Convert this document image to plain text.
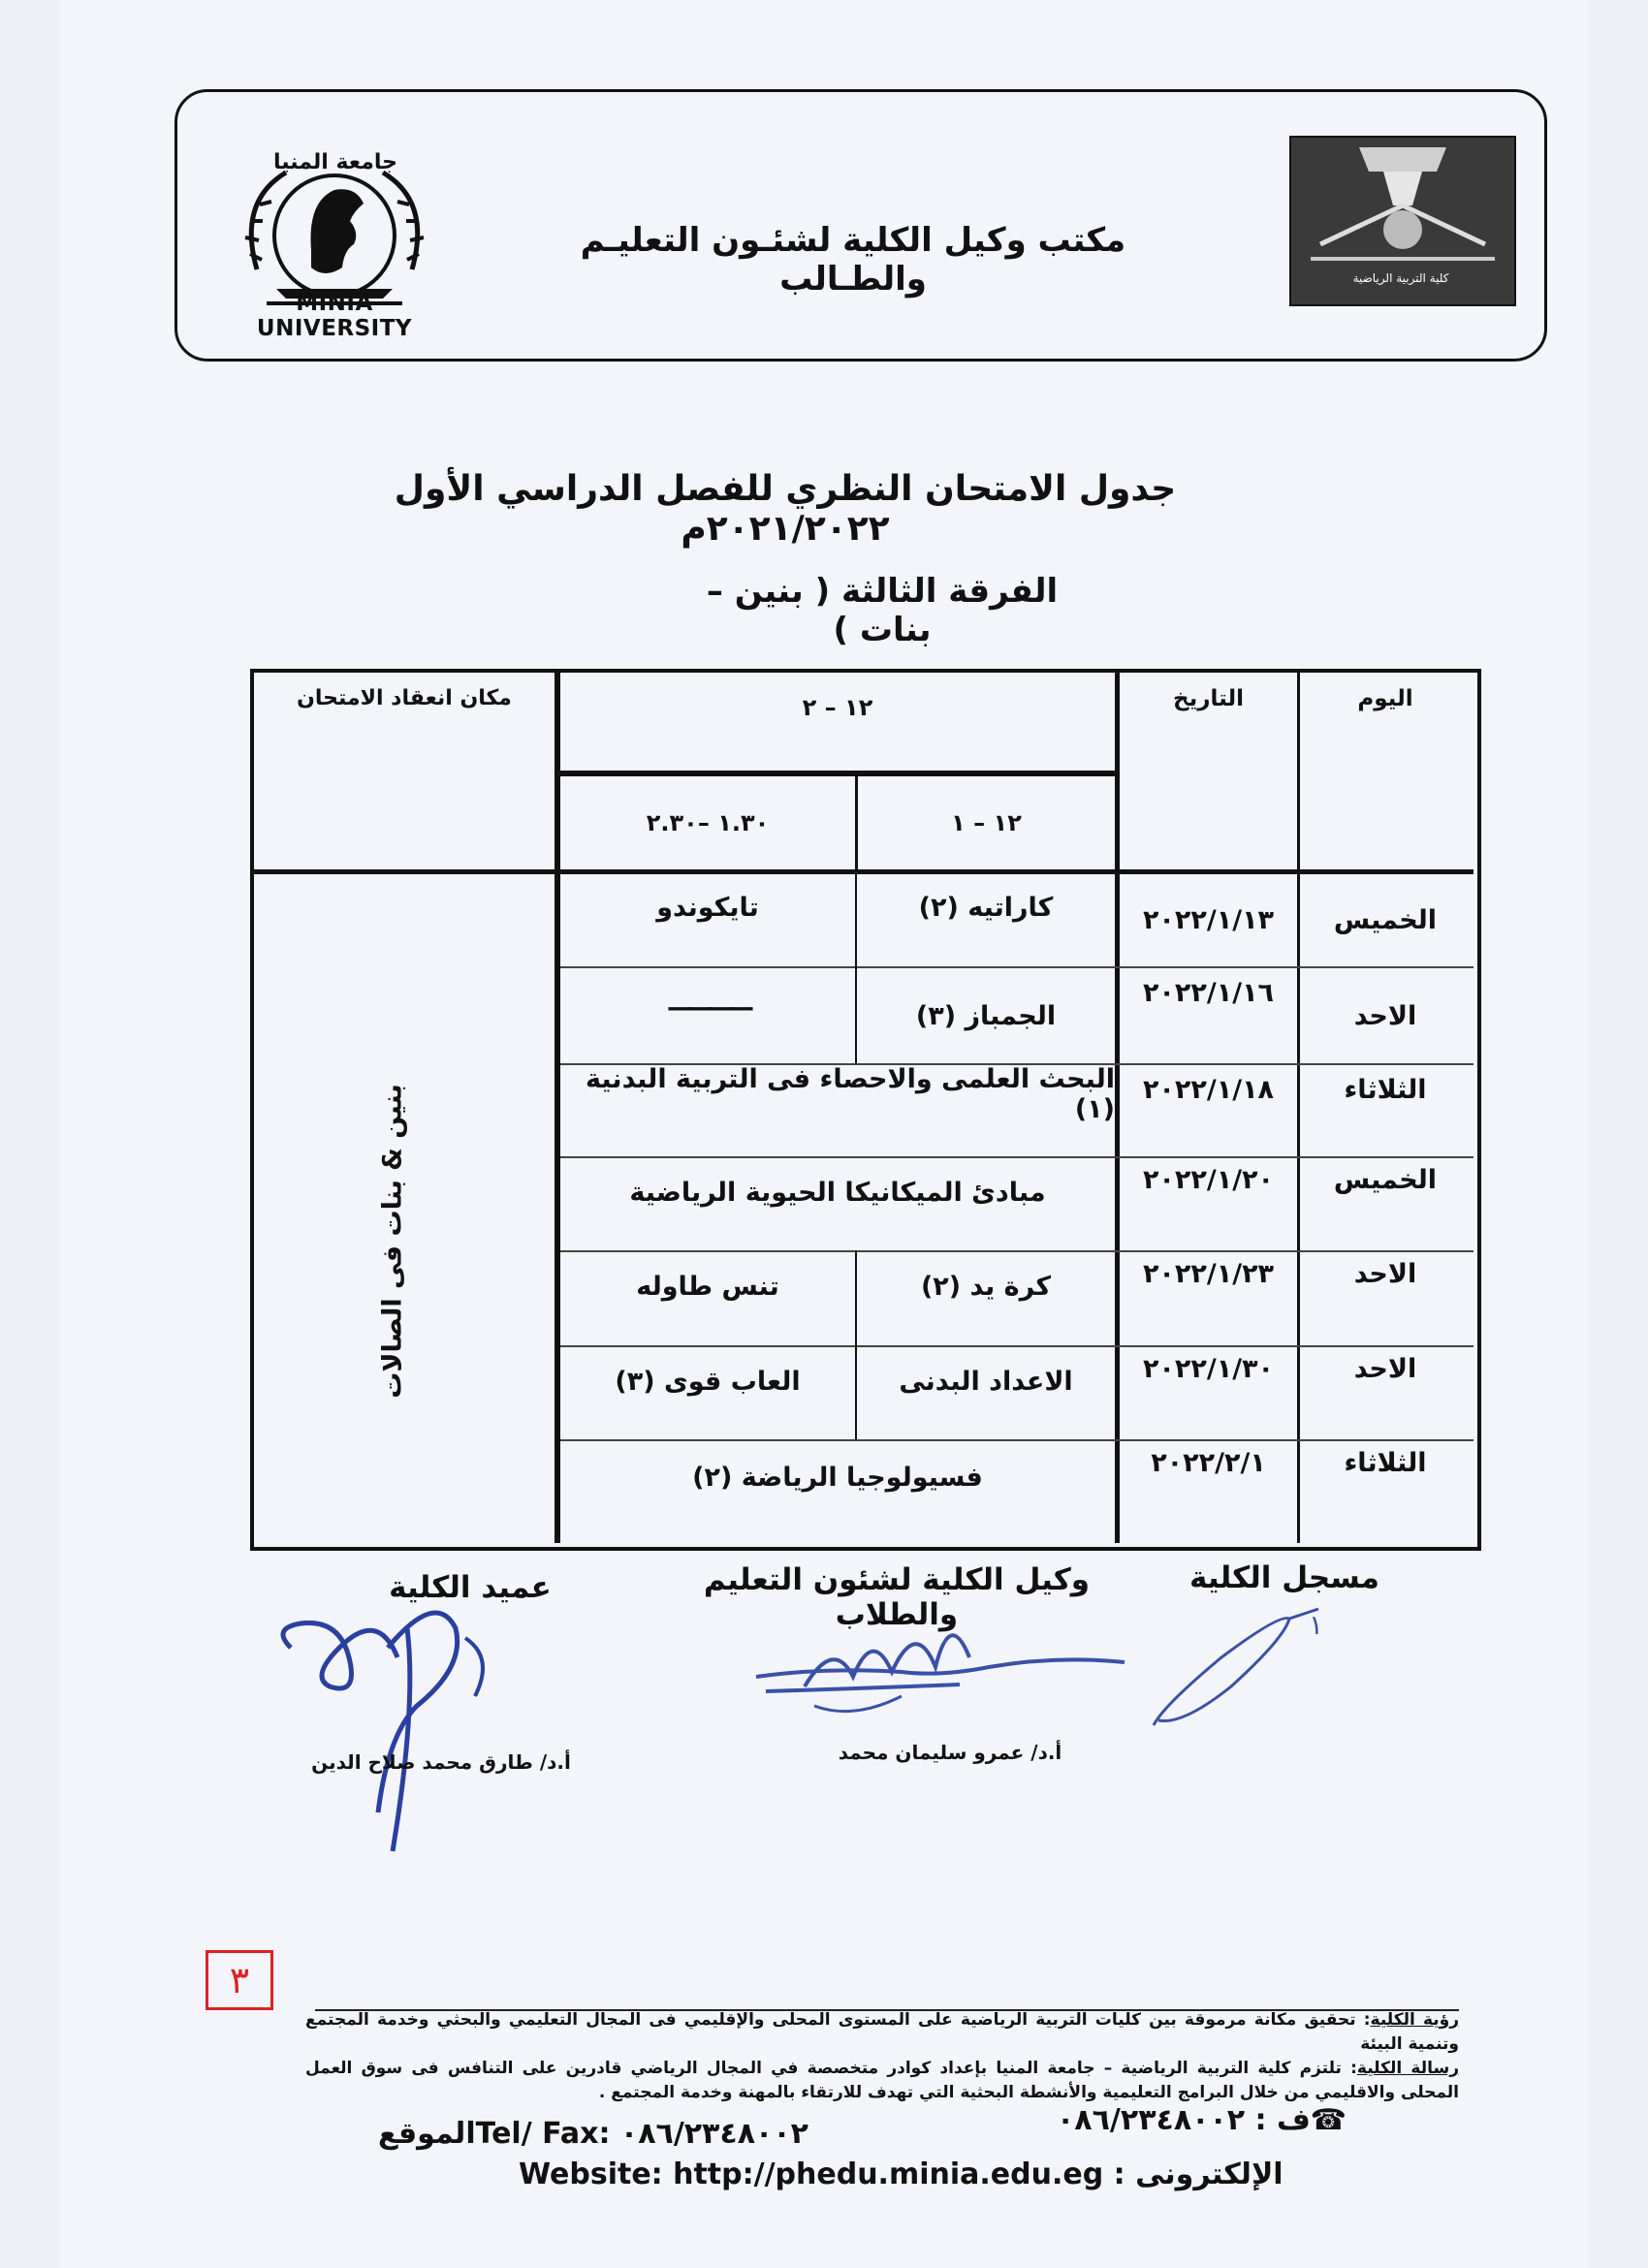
جامعة المنيا
MINIA UNIVERSITY
مكتب وكيل الكلية لشئـون التعليـم والطـالب	كلية التربية الرياضية
جدول الامتحان النظري للفصل الدراسي الأول ٢٠٢١/٢٠٢٢م
الفرقة الثالثة ( بنين – بنات )
اليوم
التاريخ
١٢ – ٢
١٢ – ١
١.٣٠ –٢.٣٠
مكان انعقاد الامتحان
بنين & بنات فى الصالات
الخميس
٢٠٢٢/١/١٣
كاراتيه (٢)
تايكوندو
الاحد
٢٠٢٢/١/١٦
الجمباز (٣)
————
الثلاثاء
٢٠٢٢/١/١٨
البحث العلمى والاحصاء فى التربية البدنية (١)
الخميس
٢٠٢٢/١/٢٠
مبادئ الميكانيكا الحيوية الرياضية
الاحد
٢٠٢٢/١/٢٣
كرة يد (٢)
تنس طاوله
الاحد
٢٠٢٢/١/٣٠
الاعداد البدنى
العاب قوى (٣)
الثلاثاء
٢٠٢٢/٢/١
فسيولوجيا الرياضة (٢)
مسجل الكلية
وكيل الكلية لشئون التعليم والطلاب
عميد الكلية
١
أ.د/ عمرو سليمان محمد
أ.د/ طارق محمد صلاح الدين
٣
رؤية الكلية: تحقيق مكانة مرموقة بين كليات التربية الرياضية على المستوى المحلى والإقليمي فى المجال التعليمي والبحثي وخدمة المجتمع وتنمية البيئة
رسالة الكلية: تلتزم كلية التربية الرياضية – جامعة المنيا بإعداد كوادر متخصصة في المجال الرياضي قادرين على التنافس فى سوق العمل المحلى والاقليمي من خلال البرامج التعليمية والأنشطة البحثية التي تهدف للارتقاء بالمهنة وخدمة المجتمع .
☎ف : ٠٨٦/٢٣٤٨٠٠٢
الموقعTel/ Fax: ٠٨٦/٢٣٤٨٠٠٢
Website: http://phedu.minia.edu.eg : الإلكترونى
